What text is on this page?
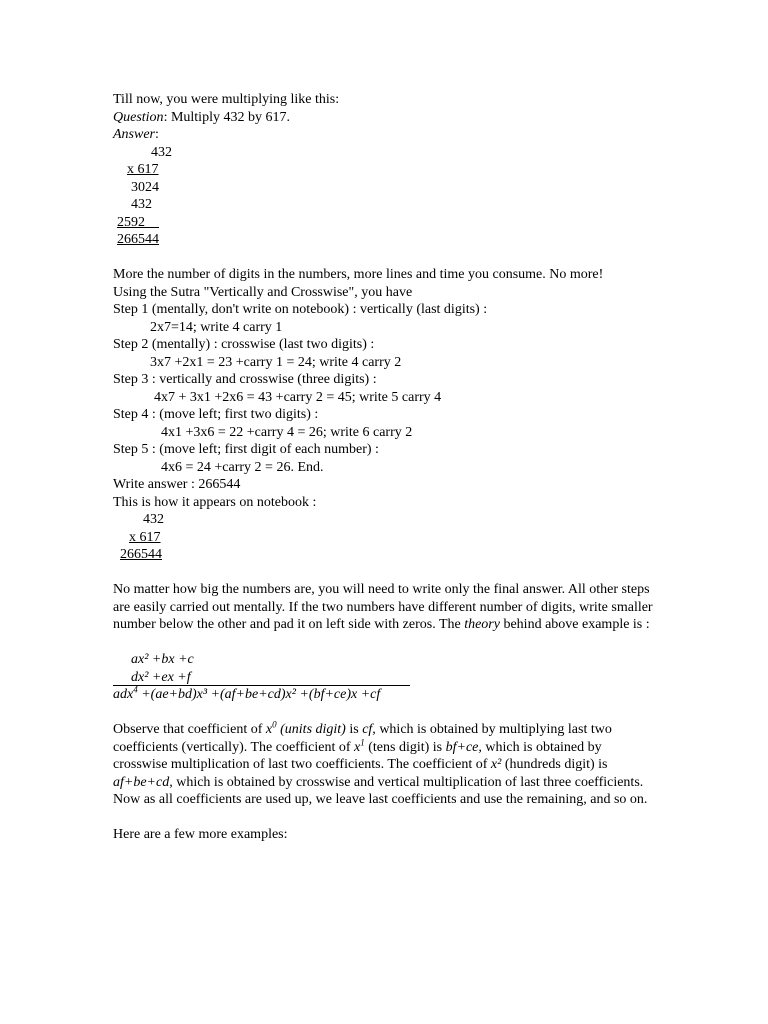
Till now, you were multiplying like this:
Question: Multiply 432 by 617.
Answer:
432
x 617
3024
432
2592
266544
More the number of digits in the numbers, more lines and time you consume. No more!
Using the Sutra "Vertically and Crosswise", you have
Step 1 (mentally, don't write on notebook) : vertically (last digits) :
2x7=14; write 4 carry 1
Step 2 (mentally) : crosswise (last two digits) :
3x7 +2x1 = 23 +carry 1 = 24; write 4 carry 2
Step 3 : vertically and crosswise (three digits) :
4x7 + 3x1 +2x6 = 43 +carry 2 = 45; write 5 carry 4
Step 4 : (move left; first two digits) :
4x1 +3x6 = 22 +carry 4 = 26; write 6 carry 2
Step 5 : (move left; first digit of each number) :
4x6 = 24 +carry 2 = 26. End.
Write answer : 266544
This is how it appears on notebook :
432
x 617
266544

No matter how big the numbers are, you will need to write only the final answer. All other steps are easily carried out mentally. If the two numbers have different number of digits, write smaller number below the other and pad it on left side with zeros. The theory behind above example is :

ax² +bx +c
dx² +ex +f
adx$^4$ +(ae+bd)x³ +(af+be+cd)x² +(bf+ce)x +cf

Observe that coefficient of $x^0$ (units digit) is cf, which is obtained by multiplying last two coefficients (vertically). The coefficient of $x^1$ (tens digit) is bf+ce, which is obtained by crosswise multiplication of last two coefficients. The coefficient of x² (hundreds digit) is af+be+cd, which is obtained by crosswise and vertical multiplication of last three coefficients. Now as all coefficients are used up, we leave last coefficients and use the remaining, and so on.

Here are a few more examples:
